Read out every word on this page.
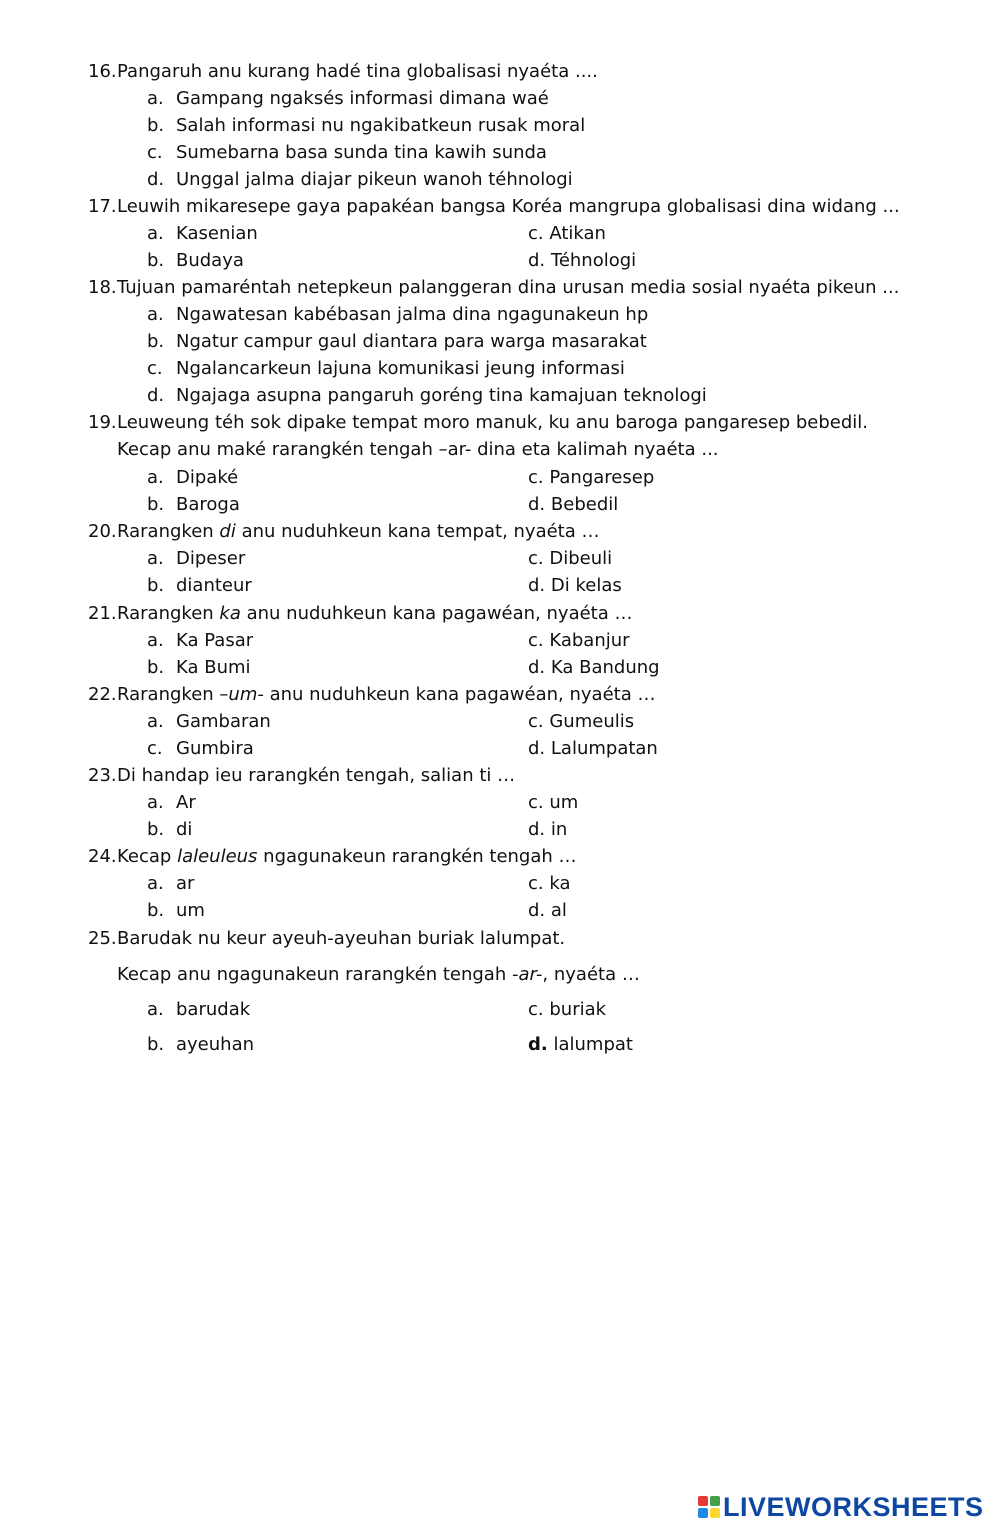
16. Pangaruh anu kurang hadé tina globalisasi nyaéta ....
a. Gampang ngaksés informasi dimana waé
b. Salah informasi nu ngakibatkeun rusak moral
c. Sumebarna basa sunda tina kawih sunda
d. Unggal jalma diajar pikeun wanoh téhnologi
17. Leuwih mikaresepe gaya papakéan bangsa Koréa mangrupa globalisasi dina widang ...
a. Kasenian	c. Atikan
b. Budaya	d. Téhnologi
18. Tujuan pamaréntah netepkeun palanggeran dina urusan media sosial nyaéta pikeun ...
a. Ngawatesan kabébasan jalma dina ngagunakeun hp
b. Ngatur campur gaul diantara para warga masarakat
c. Ngalancarkeun lajuna komunikasi jeung informasi
d. Ngajaga asupna pangaruh goréng tina kamajuan teknologi
19. Leuweung téh sok dipake tempat moro manuk, ku anu baroga pangaresep bebedil.
Kecap anu maké rarangkén tengah –ar- dina eta kalimah nyaéta ...
a. Dipaké	c. Pangaresep
b. Baroga	d. Bebedil
20. Rarangken di anu nuduhkeun kana tempat, nyaéta …
a. Dipeser	c. Dibeuli
b. dianteur	d. Di kelas
21. Rarangken ka anu nuduhkeun kana pagawéan, nyaéta …
a. Ka Pasar	c. Kabanjur
b. Ka Bumi	d. Ka Bandung
22. Rarangken –um- anu nuduhkeun kana pagawéan, nyaéta …
a. Gambaran	c. Gumeulis
c. Gumbira	d. Lalumpatan
23. Di handap ieu rarangkén tengah, salian ti …
a. Ar	c. um
b. di	d. in
24. Kecap laleuleus ngagunakeun rarangkén tengah …
a. ar	c. ka
b. um	d. al
25. Barudak nu keur ayeuh-ayeuhan buriak lalumpat.
Kecap anu ngagunakeun rarangkén tengah -ar-, nyaéta …
a. barudak	c. buriak
b. ayeuhan	d. lalumpat
LIVEWORKSHEETS
